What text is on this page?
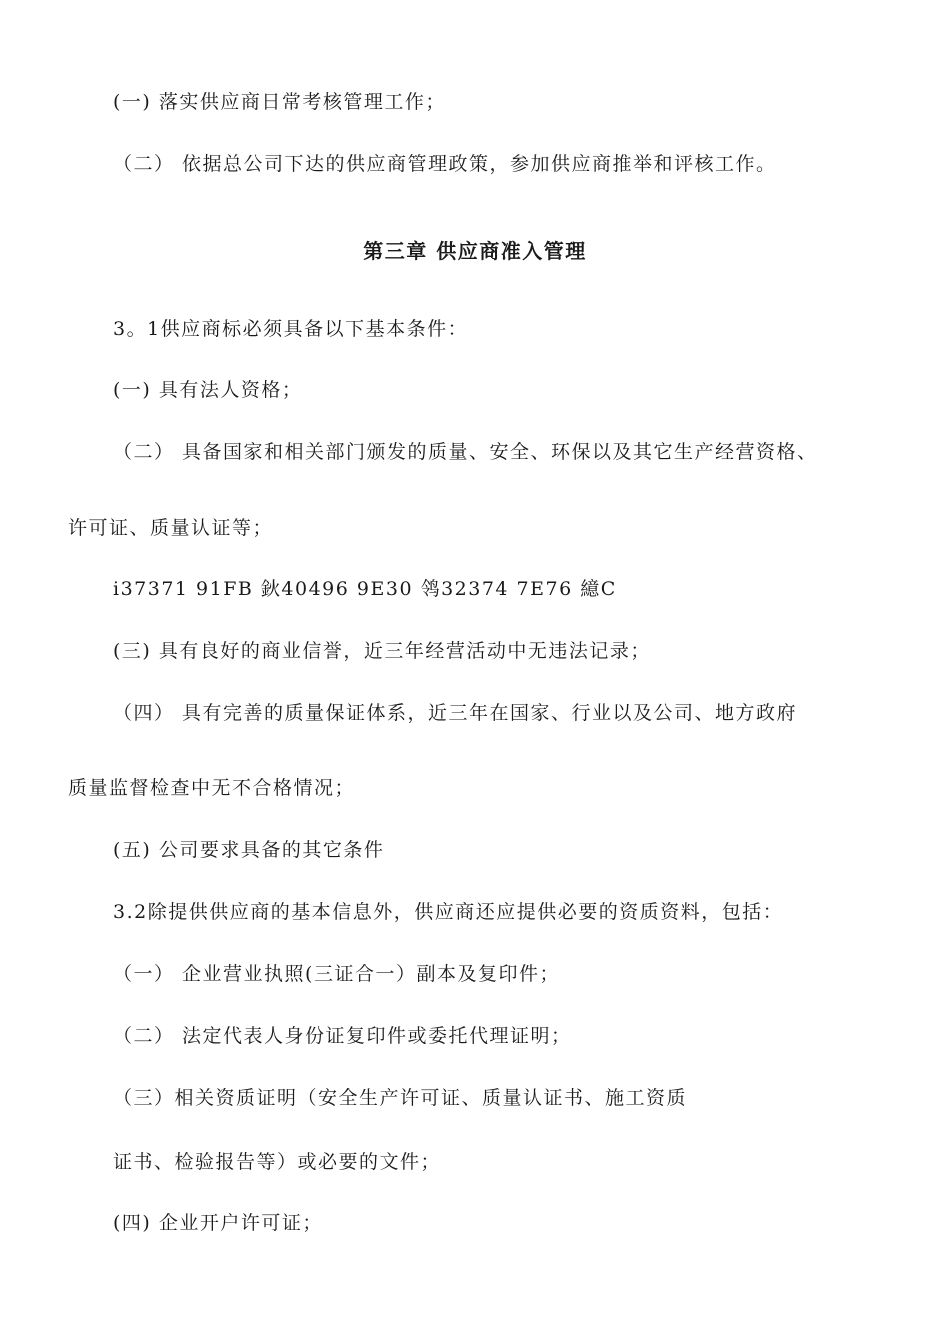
(一) 落实供应商日常考核管理工作；
（二） 依据总公司下达的供应商管理政策，参加供应商推举和评核工作。
第三章 供应商准入管理
3。1供应商标必须具备以下基本条件：
(一) 具有法人资格；
（二） 具备国家和相关部门颁发的质量、安全、环保以及其它生产经营资格、
许可证、质量认证等；
i37371 91FB 鈥40496 9E30 鸰32374 7E76 繶C
(三) 具有良好的商业信誉，近三年经营活动中无违法记录；
（四） 具有完善的质量保证体系，近三年在国家、行业以及公司、地方政府
质量监督检查中无不合格情况；
(五) 公司要求具备的其它条件
3.2除提供供应商的基本信息外，供应商还应提供必要的资质资料，包括：
（一） 企业营业执照(三证合一）副本及复印件；
（二） 法定代表人身份证复印件或委托代理证明；
（三）相关资质证明（安全生产许可证、质量认证书、施工资质
证书、检验报告等）或必要的文件；
(四) 企业开户许可证；
